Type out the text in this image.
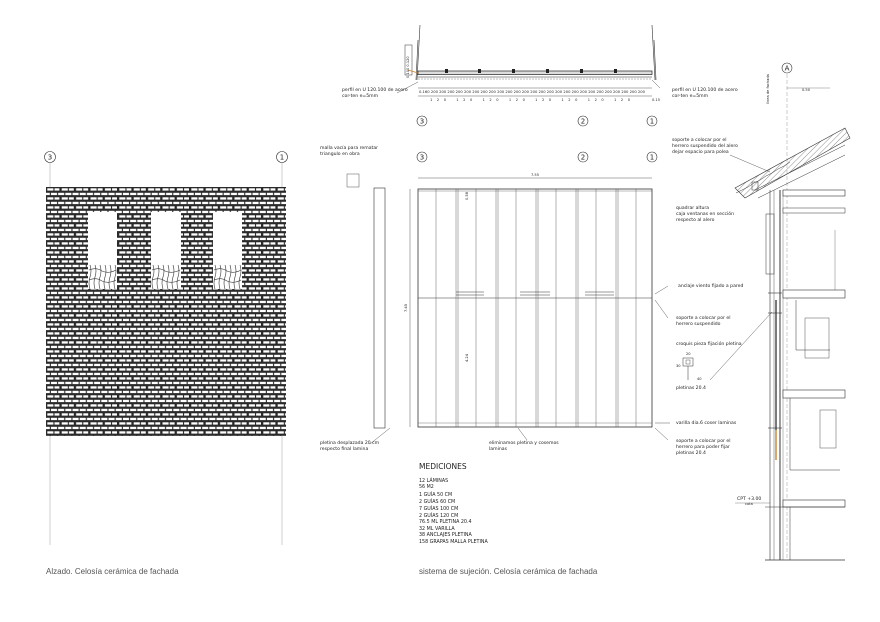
3	1
0.100 0.120
0.160 200 200 200 200 200 200 200 200 200 200 200 200 200 200 200 200 200 200 200 200 200 200 200 200 200 200
120 120 120 120 120 120 120 120	0.15
perfil en U 120.100 de acero
cor-ten e=5mm
perfil en U 120.100 de acero
cor-ten e=5mm
3	2	1
3	2	1
7.55
0.58
4.24
7.45
malla vacía para rematar
triangulo en obra
pletina desplazada 20 cm
respecto final lamina
eliminamos pletina y cosemos
laminas
MEDICIONES
12 LÁMINAS
56 M2
1 GUÍA 50 CM
2 GUÍAS 60 CM
7 GUÍAS 100 CM
2 GUÍAS 120 CM
76.5 ML PLETINA 20.4
32 ML VARILLA
38 ANCLAJES PLETINA
158 GRAPAS MALLA PLETINA
soporte a colocar por el
herrero suspendido del alero
dejar espacio para polea
quadrar altura
caja ventanas en sección
respecto al alero
anclaje viento fijado a pared
soporte a colocar por el
herrero suspendido
croquis pieza fijación pletina
20
30
40
pletinas 20.4
varilla dia.6 coser laminas
soporte a colocar por el
herrero para poder fijar
pletinas 20.4
A
línea de fachada	0.50
CPT +3.00
cota
Alzado. Celosía cerámica de fachada	sistema de sujeción. Celosía cerámica de fachada
